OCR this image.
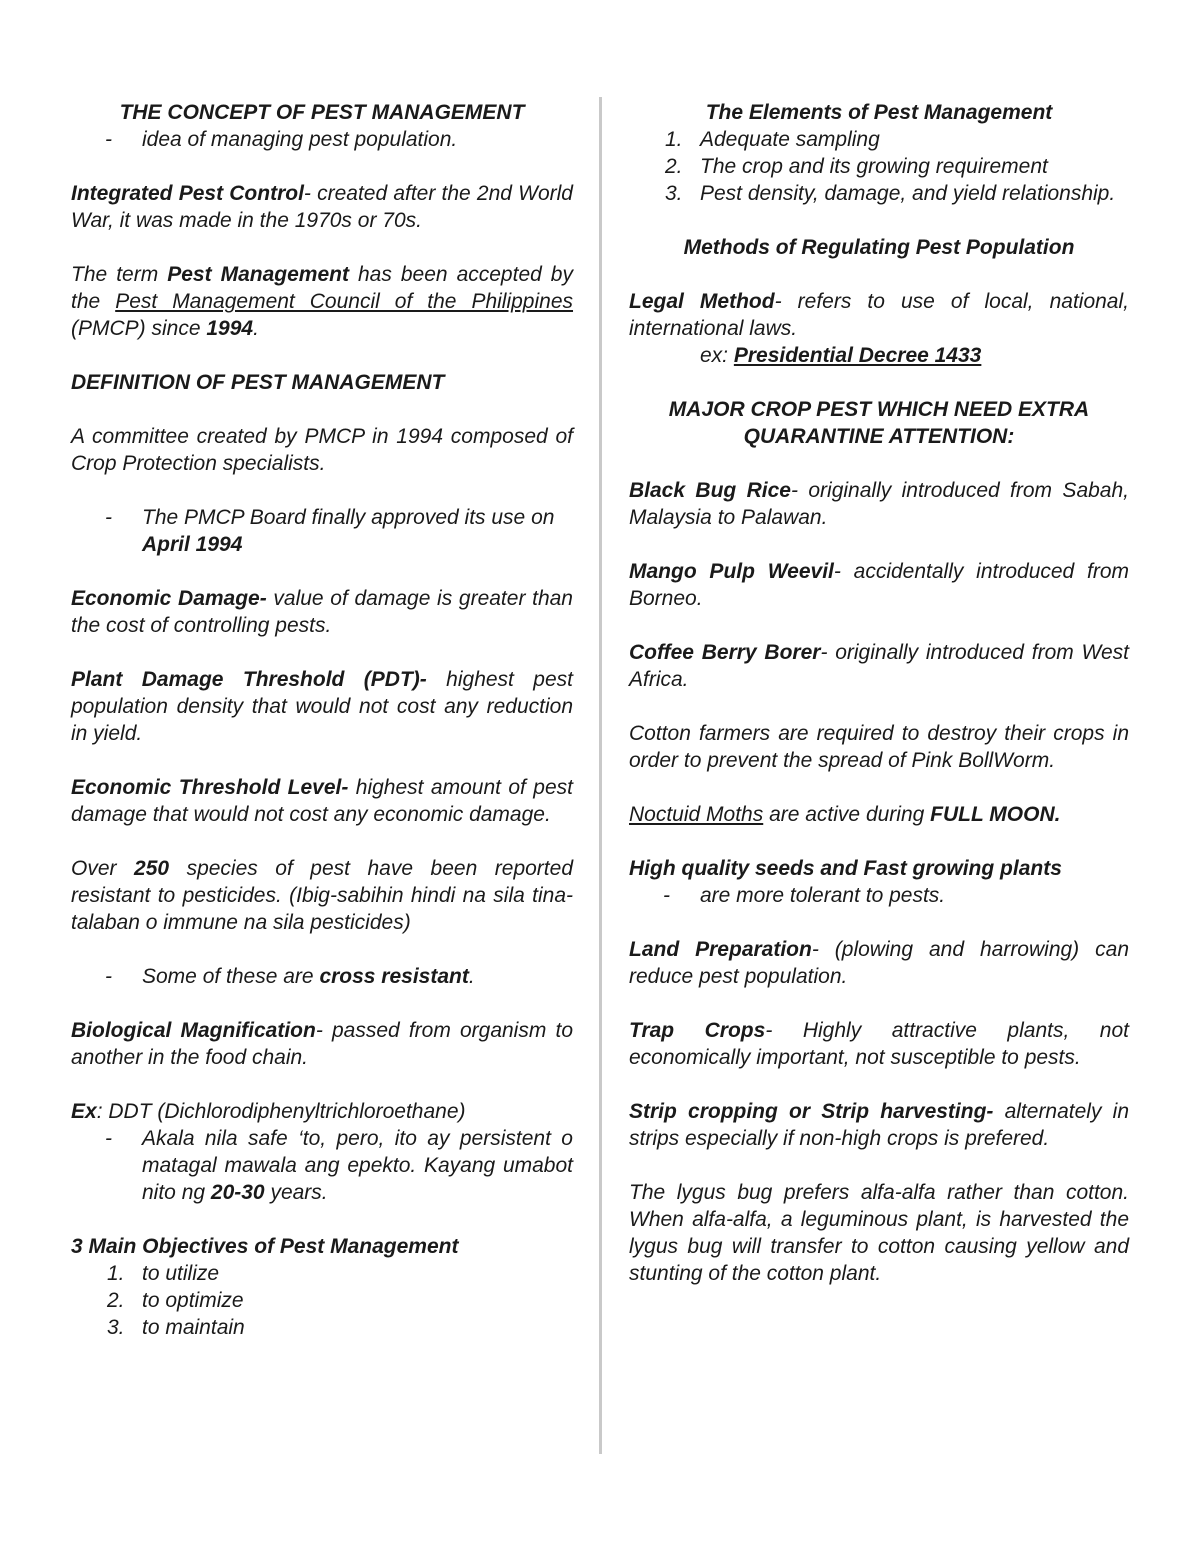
THE CONCEPT OF PEST MANAGEMENT
- idea of managing pest population.
Integrated Pest Control- created after the 2nd World War, it was made in the 1970s or 70s.
The term Pest Management has been accepted by the Pest Management Council of the Philippines (PMCP) since 1994.
DEFINITION OF PEST MANAGEMENT
A committee created by PMCP in 1994 composed of Crop Protection specialists.
- The PMCP Board finally approved its use on April 1994
Economic Damage- value of damage is greater than the cost of controlling pests.
Plant Damage Threshold (PDT)- highest pest population density that would not cost any reduction in yield.
Economic Threshold Level- highest amount of pest damage that would not cost any economic damage.
Over 250 species of pest have been reported resistant to pesticides. (Ibig-sabihin hindi na sila tina-talaban o immune na sila pesticides)
- Some of these are cross resistant.
Biological Magnification- passed from organism to another in the food chain.
Ex: DDT (Dichlorodiphenyltrichloroethane)
- Akala nila safe ‘to, pero, ito ay persistent o matagal mawala ang epekto. Kayang umabot nito ng 20-30 years.
3 Main Objectives of Pest Management
1. to utilize
2. to optimize
3. to maintain
The Elements of Pest Management
1. Adequate sampling
2. The crop and its growing requirement
3. Pest density, damage, and yield relationship.
Methods of Regulating Pest Population
Legal Method- refers to use of local, national, international laws.
ex: Presidential Decree 1433
MAJOR CROP PEST WHICH NEED EXTRA
QUARANTINE ATTENTION:
Black Bug Rice- originally introduced from Sabah, Malaysia to Palawan.
Mango Pulp Weevil- accidentally introduced from Borneo.
Coffee Berry Borer- originally introduced from West Africa.
Cotton farmers are required to destroy their crops in order to prevent the spread of Pink BollWorm.
Noctuid Moths are active during FULL MOON.
High quality seeds and Fast growing plants
- are more tolerant to pests.
Land Preparation- (plowing and harrowing) can reduce pest population.
Trap Crops- Highly attractive plants, not economically important, not susceptible to pests.
Strip cropping or Strip harvesting- alternately in strips especially if non-high crops is prefered.
The lygus bug prefers alfa-alfa rather than cotton. When alfa-alfa, a leguminous plant, is harvested the lygus bug will transfer to cotton causing yellow and stunting of the cotton plant.
